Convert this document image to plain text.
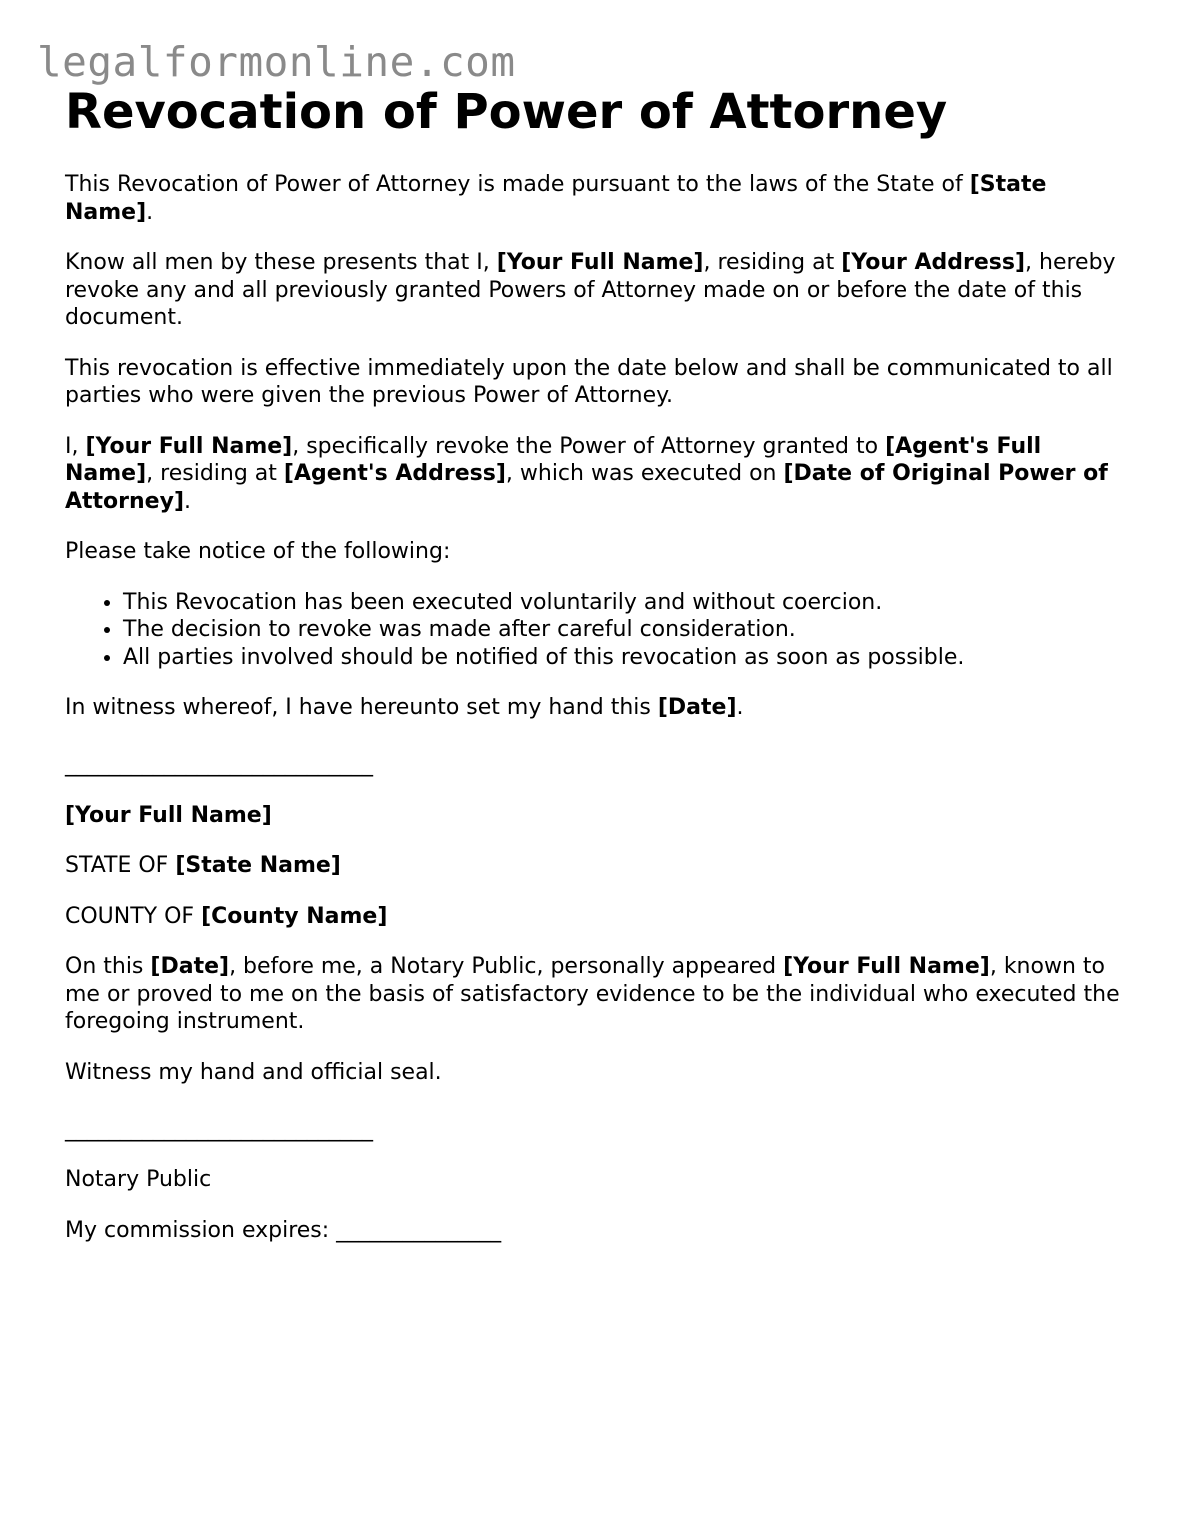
legalformonline.com
Revocation of Power of Attorney

This Revocation of Power of Attorney is made pursuant to the laws of the State of [State Name].

Know all men by these presents that I, [Your Full Name], residing at [Your Address], hereby revoke any and all previously granted Powers of Attorney made on or before the date of this document.

This revocation is effective immediately upon the date below and shall be communicated to all parties who were given the previous Power of Attorney.

I, [Your Full Name], specifically revoke the Power of Attorney granted to [Agent's Full Name], residing at [Agent's Address], which was executed on [Date of Original Power of Attorney].

Please take notice of the following:

• This Revocation has been executed voluntarily and without coercion.
• The decision to revoke was made after careful consideration.
• All parties involved should be notified of this revocation as soon as possible.

In witness whereof, I have hereunto set my hand this [Date].

____________________________

[Your Full Name]

STATE OF [State Name]

COUNTY OF [County Name]

On this [Date], before me, a Notary Public, personally appeared [Your Full Name], known to me or proved to me on the basis of satisfactory evidence to be the individual who executed the foregoing instrument.

Witness my hand and official seal.

____________________________

Notary Public

My commission expires: _______________
